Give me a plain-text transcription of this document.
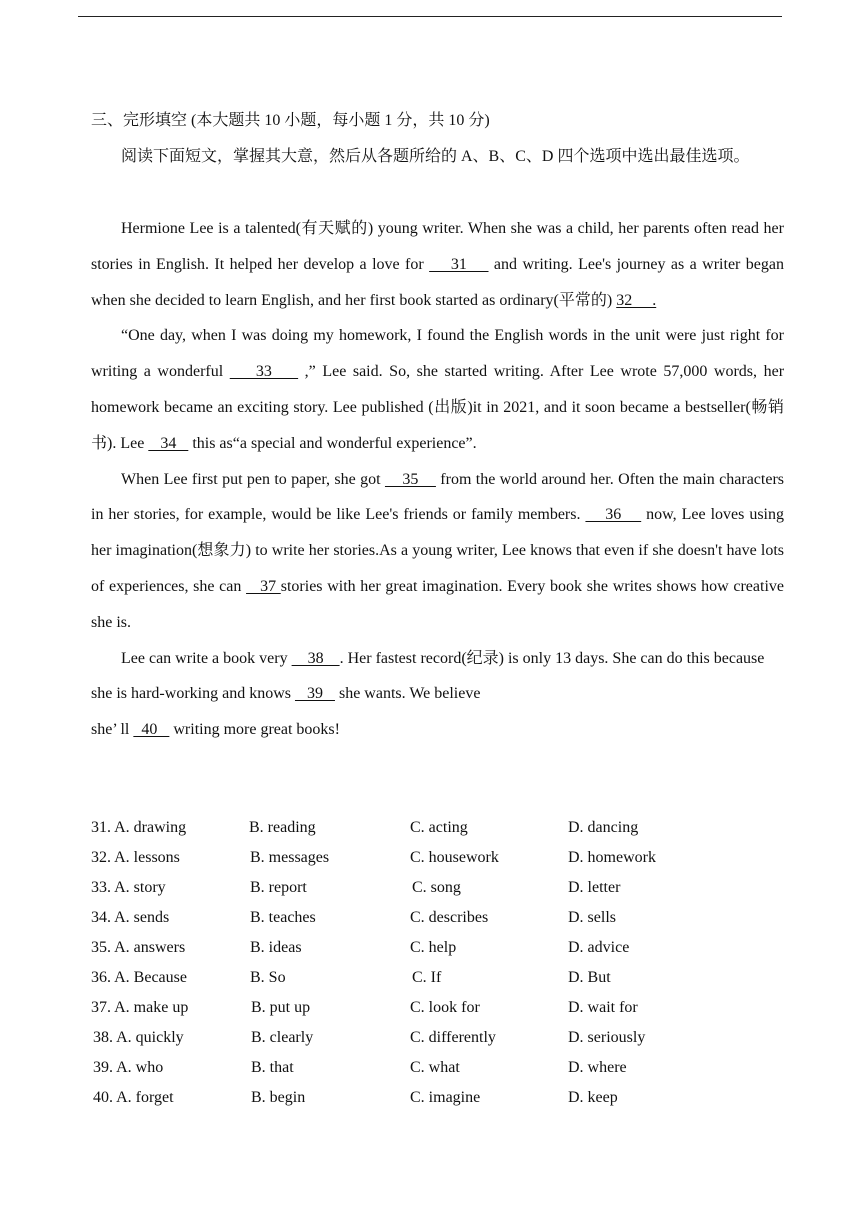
三、完形填空 (本大题共 10 小题，每小题 1 分，共 10 分)
阅读下面短文，掌握其大意，然后从各题所给的 A、B、C、D 四个选项中选出最佳选项。

Hermione Lee is a talented(有天赋的) young writer. When she was a child, her parents often read her stories in English. It helped her develop a love for     31     and writing. Lee's journey as a writer began when she decided to learn English, and her first book started as ordinary(平常的) 32     .

“One day, when I was doing my homework, I found the English words in the unit were just right for writing a wonderful     33     ,” Lee said. So, she started writing. After Lee wrote 57,000 words, her homework became an exciting story. Lee published (出版)it in 2021, and it soon became a bestseller(畅销书). Lee    34    this as“a special and wonderful experience”.

When Lee first put pen to paper, she got     35     from the world around her. Often the main characters in her stories, for example, would be like Lee's friends or family members.     36     now, Lee loves using her imagination(想象力) to write her stories.As a young writer, Lee knows that even if she doesn't have lots of experiences, she can    37 stories with her great imagination. Every book she writes shows how creative she is.

Lee can write a book very     38    . Her fastest record(纪录) is only 13 days. She can do this because she is hard-working and knows    39    she wants. We believe

she’ ll   40    writing more great books!

31. A. drawing	B. reading	C. acting	D. dancing
32. A. lessons	B. messages	C. housework	D. homework
33. A. story	B. report	C. song	D. letter
34. A. sends	B. teaches	C. describes	D. sells
35. A. answers	B. ideas	C. help	D. advice
36. A. Because	B. So	C. If	D. But
37. A. make up	B. put up	C. look for	D. wait for
38. A. quickly	B. clearly	C. differently	D. seriously
39. A. who	B. that	C. what	D. where
40. A. forget	B. begin	C. imagine	D. keep
